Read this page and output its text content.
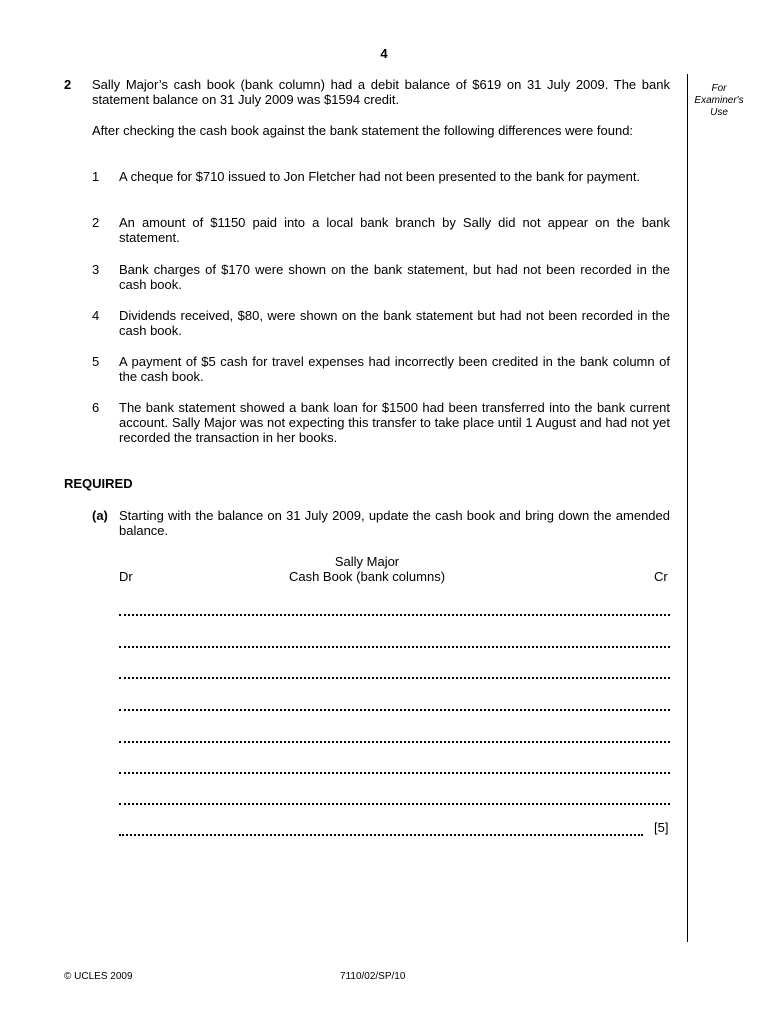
4
For Examiner's Use
2 Sally Major’s cash book (bank column) had a debit balance of $619 on 31 July 2009. The bank statement balance on 31 July 2009 was $1594 credit.
After checking the cash book against the bank statement the following differences were found:
1 A cheque for $710 issued to Jon Fletcher had not been presented to the bank for payment.
2 An amount of $1150 paid into a local bank branch by Sally did not appear on the bank statement.
3 Bank charges of $170 were shown on the bank statement, but had not been recorded in the cash book.
4 Dividends received, $80, were shown on the bank statement but had not been recorded in the cash book.
5 A payment of $5 cash for travel expenses had incorrectly been credited in the bank column of the cash book.
6 The bank statement showed a bank loan for $1500 had been transferred into the bank current account. Sally Major was not expecting this transfer to take place until 1 August and had not yet recorded the transaction in her books.
REQUIRED
(a) Starting with the balance on 31 July 2009, update the cash book and bring down the amended balance.
Sally Major
Cash Book (bank columns)
Dr	Cr
[5]
© UCLES 2009	7110/02/SP/10
